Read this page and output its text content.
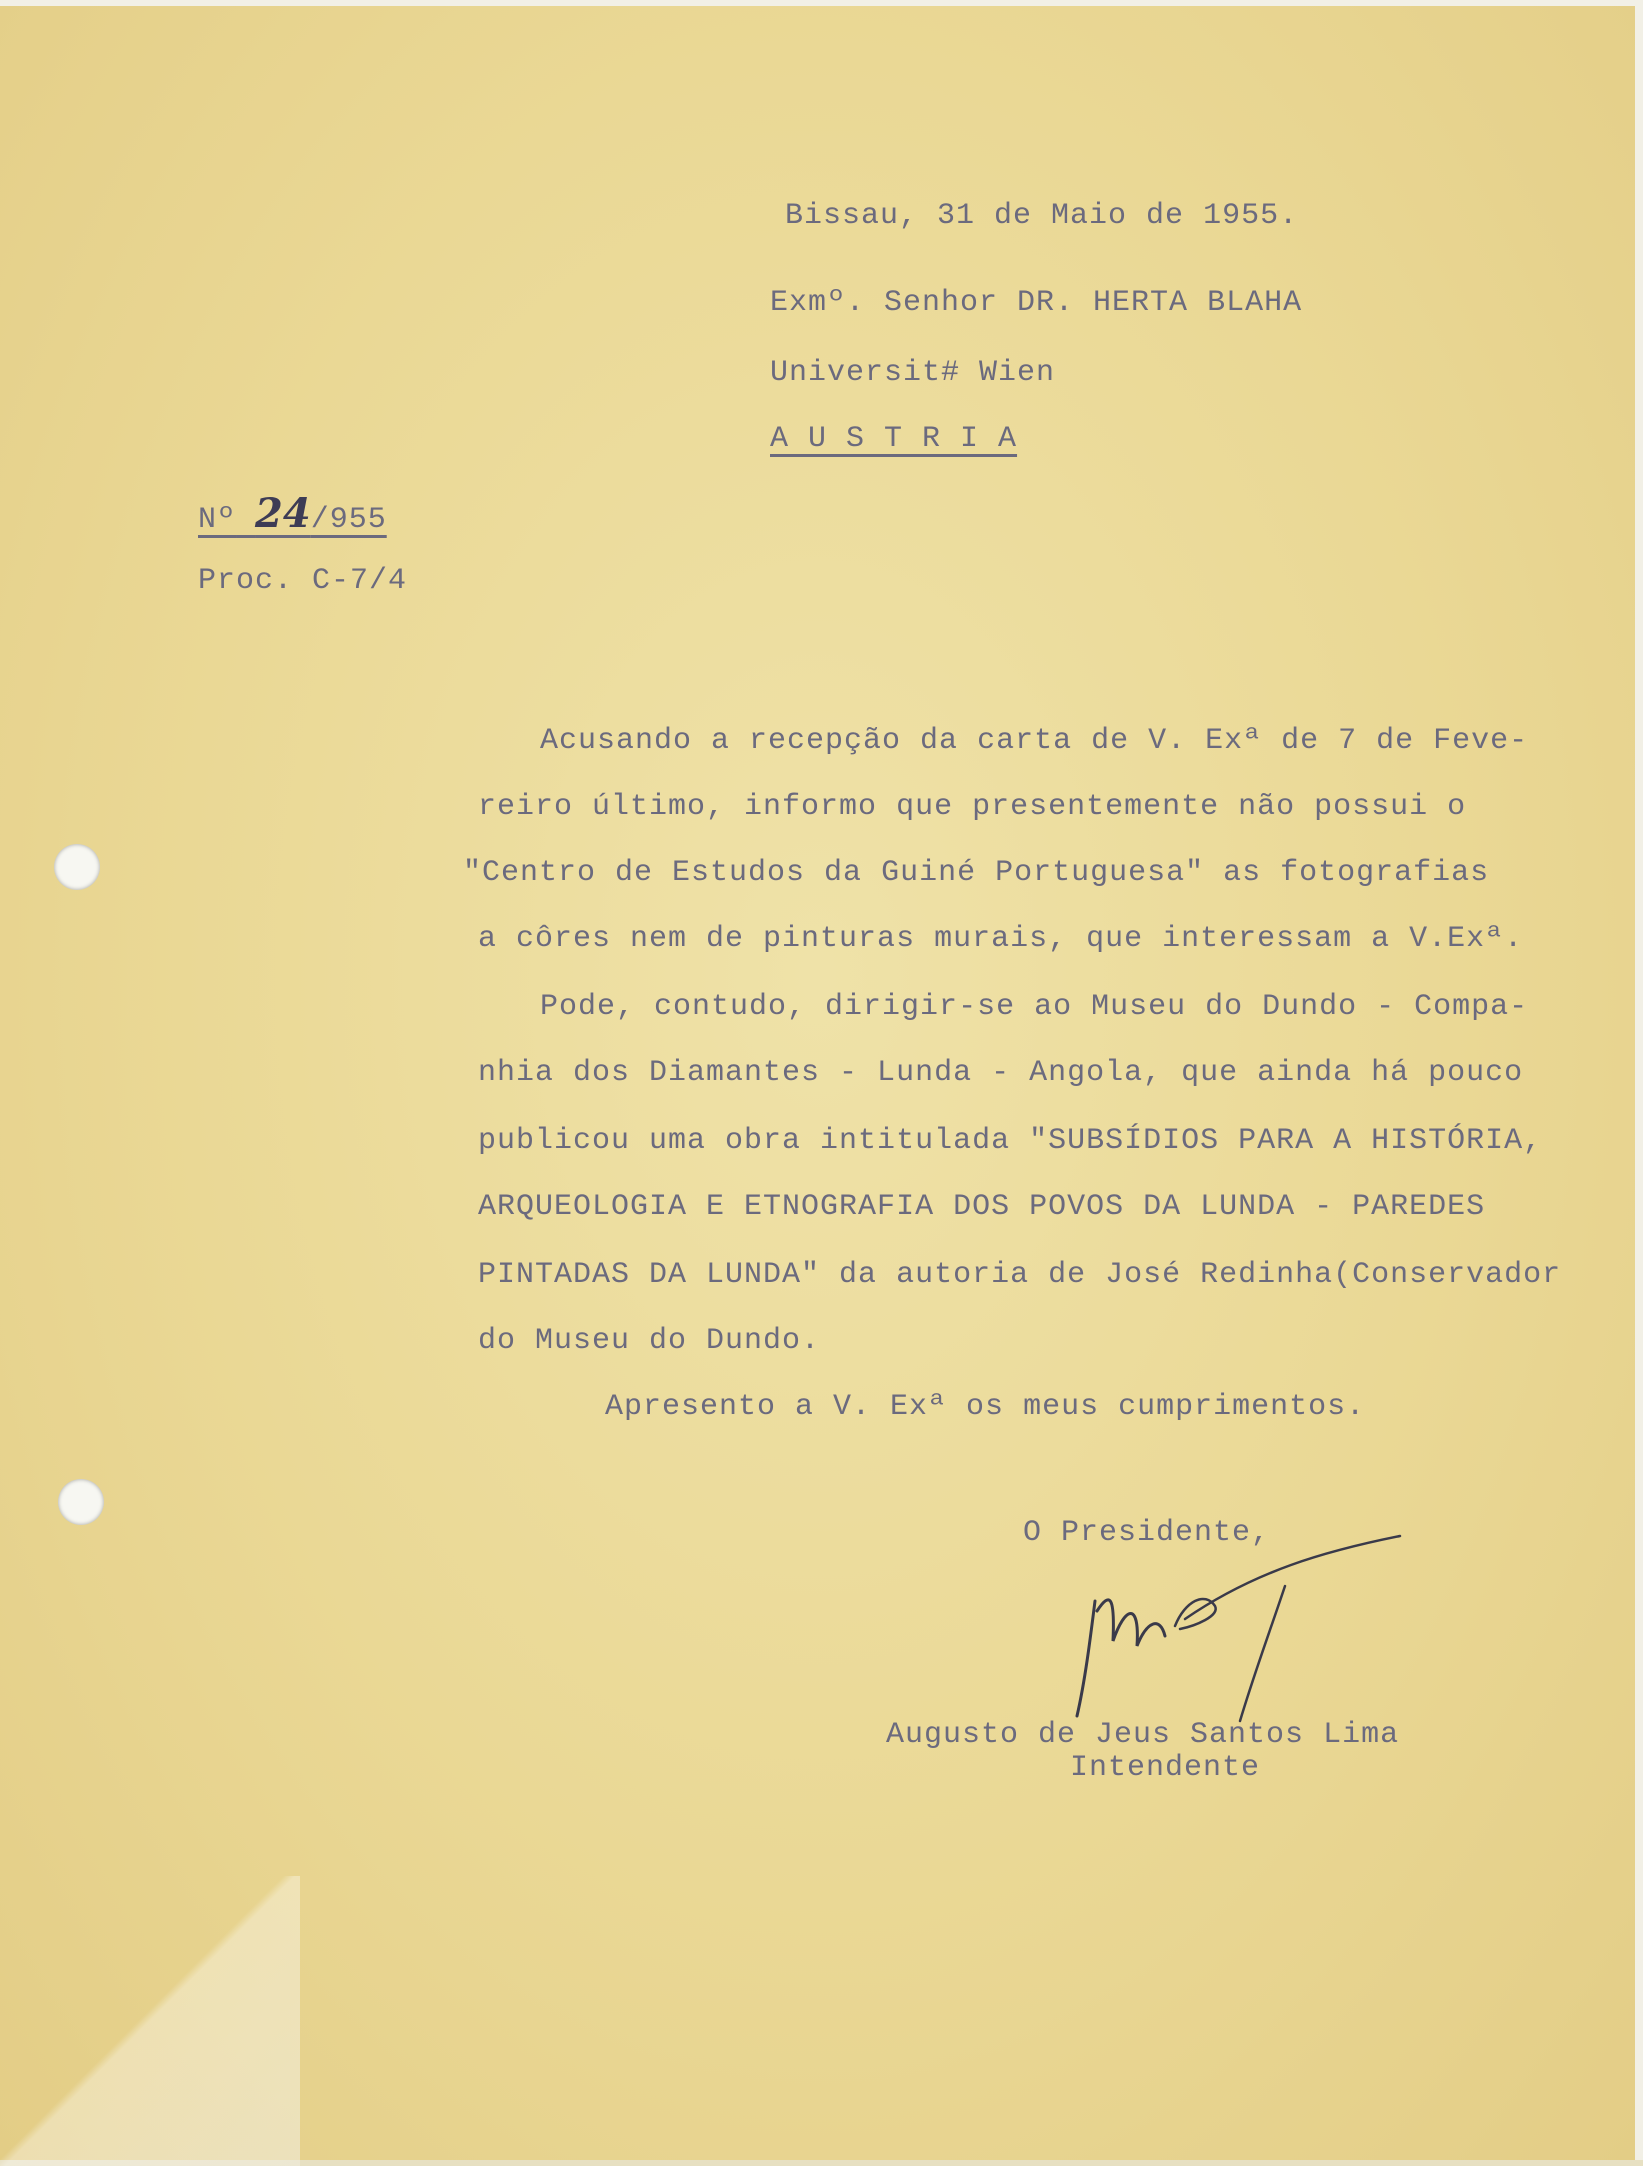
Bissau, 31 de Maio de 1955.
Exmº. Senhor DR. HERTA BLAHA
Universit# Wien
A U S T R I A
Nº 24/955
Proc. C-7/4
Acusando a recepção da carta de V. Exª de 7 de Feve-
reiro último, informo que presentemente não possui o
"Centro de Estudos da Guiné Portuguesa" as fotografias
a côres nem de pinturas murais, que interessam a V.Exª.
Pode, contudo, dirigir-se ao Museu do Dundo - Compa-
nhia dos Diamantes - Lunda - Angola, que ainda há pouco
publicou uma obra intitulada "SUBSÍDIOS PARA A HISTÓRIA,
ARQUEOLOGIA E ETNOGRAFIA DOS POVOS DA LUNDA - PAREDES
PINTADAS DA LUNDA" da autoria de José Redinha(Conservador
do Museu do Dundo.
Apresento a V. Exª os meus cumprimentos.
O Presidente,
Augusto de Jeus Santos Lima
Intendente
